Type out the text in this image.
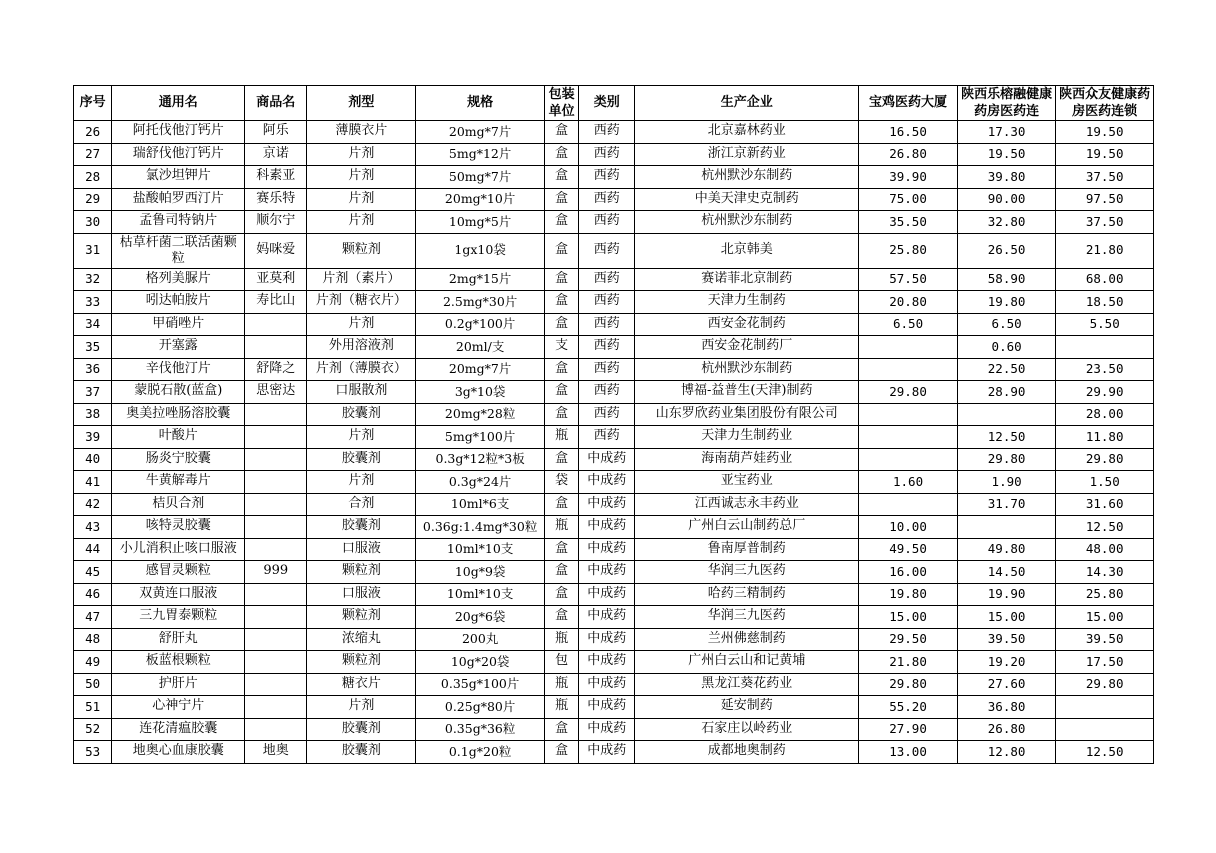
序号	通用名	商品名	剂型	规格	包装单位	类别	生产企业	宝鸡医药大厦	陕西乐榕融健康药房医药连	陕西众友健康药房医药连锁
26	阿托伐他汀钙片	阿乐	薄膜衣片	20mg*7片	盒	西药	北京嘉林药业	16.50	17.30	19.50
27	瑞舒伐他汀钙片	京诺	片剂	5mg*12片	盒	西药	浙江京新药业	26.80	19.50	19.50
28	氯沙坦钾片	科素亚	片剂	50mg*7片	盒	西药	杭州默沙东制药	39.90	39.80	37.50
29	盐酸帕罗西汀片	赛乐特	片剂	20mg*10片	盒	西药	中美天津史克制药	75.00	90.00	97.50
30	孟鲁司特钠片	顺尔宁	片剂	10mg*5片	盒	西药	杭州默沙东制药	35.50	32.80	37.50
31	枯草杆菌二联活菌颗粒	妈咪爱	颗粒剂	1gx10袋	盒	西药	北京韩美	25.80	26.50	21.80
32	格列美脲片	亚莫利	片剂（素片）	2mg*15片	盒	西药	赛诺菲北京制药	57.50	58.90	68.00
33	吲达帕胺片	寿比山	片剂（糖衣片）	2.5mg*30片	盒	西药	天津力生制药	20.80	19.80	18.50
34	甲硝唑片		片剂	0.2g*100片	盒	西药	西安金花制药	6.50	6.50	5.50
35	开塞露		外用溶液剂	20ml/支	支	西药	西安金花制药厂		0.60	
36	辛伐他汀片	舒降之	片剂（薄膜衣）	20mg*7片	盒	西药	杭州默沙东制药		22.50	23.50
37	蒙脱石散(蓝盒)	思密达	口服散剂	3g*10袋	盒	西药	博福-益普生(天津)制药	29.80	28.90	29.90
38	奥美拉唑肠溶胶囊		胶囊剂	20mg*28粒	盒	西药	山东罗欣药业集团股份有限公司			28.00
39	叶酸片		片剂	5mg*100片	瓶	西药	天津力生制药业		12.50	11.80
40	肠炎宁胶囊		胶囊剂	0.3g*12粒*3板	盒	中成药	海南葫芦娃药业		29.80	29.80
41	牛黄解毒片		片剂	0.3g*24片	袋	中成药	亚宝药业	1.60	1.90	1.50
42	桔贝合剂		合剂	10ml*6支	盒	中成药	江西诚志永丰药业		31.70	31.60
43	咳特灵胶囊		胶囊剂	0.36g:1.4mg*30粒	瓶	中成药	广州白云山制药总厂	10.00		12.50
44	小儿消积止咳口服液		口服液	10ml*10支	盒	中成药	鲁南厚普制药	49.50	49.80	48.00
45	感冒灵颗粒	999	颗粒剂	10g*9袋	盒	中成药	华润三九医药	16.00	14.50	14.30
46	双黄连口服液		口服液	10ml*10支	盒	中成药	哈药三精制药	19.80	19.90	25.80
47	三九胃泰颗粒		颗粒剂	20g*6袋	盒	中成药	华润三九医药	15.00	15.00	15.00
48	舒肝丸		浓缩丸	200丸	瓶	中成药	兰州佛慈制药	29.50	39.50	39.50
49	板蓝根颗粒		颗粒剂	10g*20袋	包	中成药	广州白云山和记黄埔	21.80	19.20	17.50
50	护肝片		糖衣片	0.35g*100片	瓶	中成药	黑龙江葵花药业	29.80	27.60	29.80
51	心神宁片		片剂	0.25g*80片	瓶	中成药	延安制药	55.20	36.80	
52	连花清瘟胶囊		胶囊剂	0.35g*36粒	盒	中成药	石家庄以岭药业	27.90	26.80	
53	地奥心血康胶囊	地奥	胶囊剂	0.1g*20粒	盒	中成药	成都地奥制药	13.00	12.80	12.50
